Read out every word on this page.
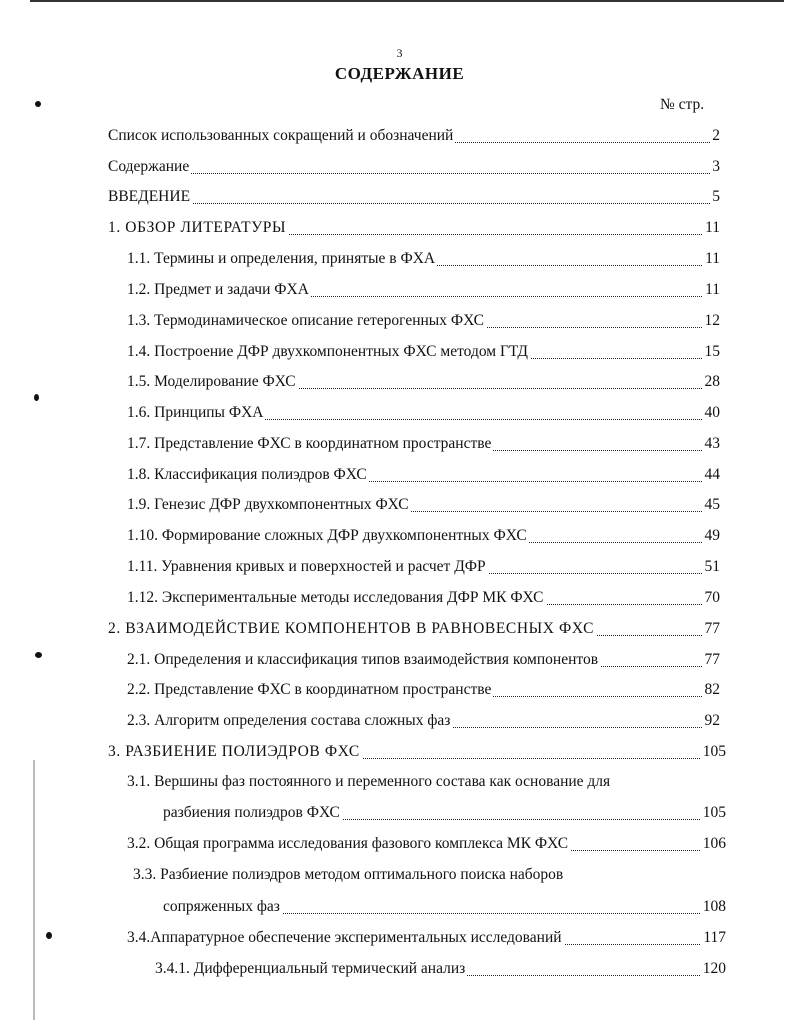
3
СОДЕРЖАНИЕ
№ стр.
Список использованных сокращений и обозначений	2
Содержание	3
ВВЕДЕНИЕ	5
1. ОБЗОР ЛИТЕРАТУРЫ	11
1.1. Термины и определения, принятые в ФХА	11
1.2. Предмет и задачи ФХА	11
1.3. Термодинамическое описание гетерогенных ФХС	12
1.4. Построение ДФР двухкомпонентных ФХС методом ГТД	15
1.5. Моделирование ФХС	28
1.6. Принципы ФХА	40
1.7. Представление ФХС в координатном пространстве	43
1.8. Классификация полиэдров ФХС	44
1.9. Генезис ДФР двухкомпонентных ФХС	45
1.10. Формирование сложных ДФР двухкомпонентных ФХС	49
1.11. Уравнения кривых и поверхностей и расчет ДФР	51
1.12. Экспериментальные методы исследования ДФР МК ФХС	70
2. ВЗАИМОДЕЙСТВИЕ КОМПОНЕНТОВ В РАВНОВЕСНЫХ ФХС	77
2.1. Определения и классификация типов взаимодействия компонентов	77
2.2. Представление ФХС в координатном пространстве	82
2.3. Алгоритм определения состава сложных фаз	92
3. РАЗБИЕНИЕ ПОЛИЭДРОВ ФХС	105
3.1. Вершины фаз постоянного и переменного состава как основание для
разбиения полиэдров ФХС	105
3.2. Общая программа исследования фазового комплекса МК ФХС	106
3.3. Разбиение полиэдров методом оптимального поиска наборов
сопряженных фаз	108
3.4.Аппаратурное обеспечение экспериментальных исследований	117
3.4.1. Дифференциальный термический анализ	120
